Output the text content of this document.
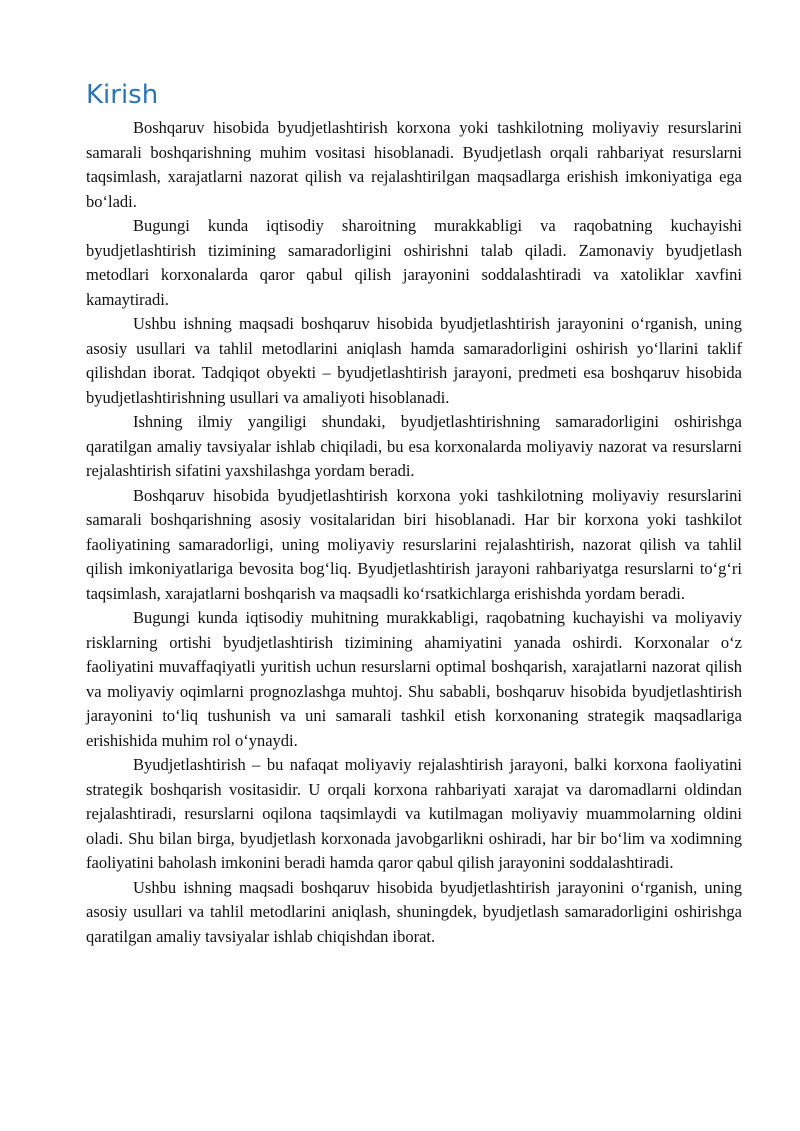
Kirish

Boshqaruv hisobida byudjetlashtirish korxona yoki tashkilotning moliyaviy resurslarini samarali boshqarishning muhim vositasi hisoblanadi. Byudjetlash orqali rahbariyat resurslarni taqsimlash, xarajatlarni nazorat qilish va rejalashtirilgan maqsadlarga erishish imkoniyatiga ega bo‘ladi.

Bugungi kunda iqtisodiy sharoitning murakkabligi va raqobatning kuchayishi byudjetlashtirish tizimining samaradorligini oshirishni talab qiladi. Zamonaviy byudjetlash metodlari korxonalarda qaror qabul qilish jarayonini soddalashtiradi va xatoliklar xavfini kamaytiradi.

Ushbu ishning maqsadi boshqaruv hisobida byudjetlashtirish jarayonini o‘rganish, uning asosiy usullari va tahlil metodlarini aniqlash hamda samaradorligini oshirish yo‘llarini taklif qilishdan iborat. Tadqiqot obyekti – byudjetlashtirish jarayoni, predmeti esa boshqaruv hisobida byudjetlashtirishning usullari va amaliyoti hisoblanadi.

Ishning ilmiy yangiligi shundaki, byudjetlashtirishning samaradorligini oshirishga qaratilgan amaliy tavsiyalar ishlab chiqiladi, bu esa korxonalarda moliyaviy nazorat va resurslarni rejalashtirish sifatini yaxshilashga yordam beradi.

Boshqaruv hisobida byudjetlashtirish korxona yoki tashkilotning moliyaviy resurslarini samarali boshqarishning asosiy vositalaridan biri hisoblanadi. Har bir korxona yoki tashkilot faoliyatining samaradorligi, uning moliyaviy resurslarini rejalashtirish, nazorat qilish va tahlil qilish imkoniyatlariga bevosita bog‘liq. Byudjetlashtirish jarayoni rahbariyatga resurslarni to‘g‘ri taqsimlash, xarajatlarni boshqarish va maqsadli ko‘rsatkichlarga erishishda yordam beradi.

Bugungi kunda iqtisodiy muhitning murakkabligi, raqobatning kuchayishi va moliyaviy risklarning ortishi byudjetlashtirish tizimining ahamiyatini yanada oshirdi. Korxonalar o‘z faoliyatini muvaffaqiyatli yuritish uchun resurslarni optimal boshqarish, xarajatlarni nazorat qilish va moliyaviy oqimlarni prognozlashga muhtoj. Shu sababli, boshqaruv hisobida byudjetlashtirish jarayonini to‘liq tushunish va uni samarali tashkil etish korxonaning strategik maqsadlariga erishishida muhim rol o‘ynaydi.

Byudjetlashtirish – bu nafaqat moliyaviy rejalashtirish jarayoni, balki korxona faoliyatini strategik boshqarish vositasidir. U orqali korxona rahbariyati xarajat va daromadlarni oldindan rejalashtiradi, resurslarni oqilona taqsimlaydi va kutilmagan moliyaviy muammolarning oldini oladi. Shu bilan birga, byudjetlash korxonada javobgarlikni oshiradi, har bir bo‘lim va xodimning faoliyatini baholash imkonini beradi hamda qaror qabul qilish jarayonini soddalashtiradi.

Ushbu ishning maqsadi boshqaruv hisobida byudjetlashtirish jarayonini o‘rganish, uning asosiy usullari va tahlil metodlarini aniqlash, shuningdek, byudjetlash samaradorligini oshirishga qaratilgan amaliy tavsiyalar ishlab chiqishdan iborat.
